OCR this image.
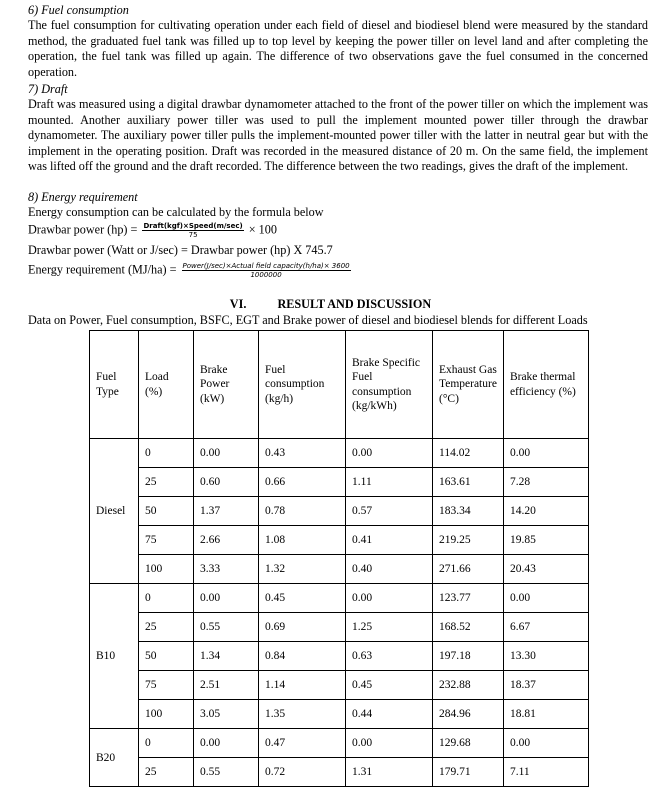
6) Fuel consumption
The fuel consumption for cultivating operation under each field of diesel and biodiesel blend were measured by the standard method, the graduated fuel tank was filled up to top level by keeping the power tiller on level land and after completing the operation, the fuel tank was filled up again. The difference of two observations gave the fuel consumed in the concerned operation.
7) Draft
Draft was measured using a digital drawbar dynamometer attached to the front of the power tiller on which the implement was mounted. Another auxiliary power tiller was used to pull the implement mounted power tiller through the drawbar dynamometer. The auxiliary power tiller pulls the implement-mounted power tiller with the latter in neutral gear but with the implement in the operating position. Draft was recorded in the measured distance of 20 m. On the same field, the implement was lifted off the ground and the draft recorded. The difference between the two readings, gives the draft of the implement.
8) Energy requirement
Energy consumption can be calculated by the formula below
Drawbar power $(hp) = \frac{\text{Draft(kgf)×Speed(m/sec)}}{75} \times 100$
Drawbar power (Watt or J/sec) = Drawbar power (hp) X 745.7
Energy requirement $(MJ/ha) = \frac{\text{Power(J/sec)×Actual field capacity(h/ha)× 3600}}{1000000}$
VI.	RESULT AND DISCUSSION
Data on Power, Fuel consumption, BSFC, EGT and Brake power of diesel and biodiesel blends for different Loads
Fuel Type	Load (%)	Brake Power (kW)	Fuel consumption (kg/h)	Brake Specific Fuel consumption (kg/kWh)	Exhaust Gas Temperature (°C)	Brake thermal efficiency (%)
Diesel	0	0.00	0.43	0.00	114.02	0.00
	25	0.60	0.66	1.11	163.61	7.28
	50	1.37	0.78	0.57	183.34	14.20
	75	2.66	1.08	0.41	219.25	19.85
	100	3.33	1.32	0.40	271.66	20.43
B10	0	0.00	0.45	0.00	123.77	0.00
	25	0.55	0.69	1.25	168.52	6.67
	50	1.34	0.84	0.63	197.18	13.30
	75	2.51	1.14	0.45	232.88	18.37
	100	3.05	1.35	0.44	284.96	18.81
B20	0	0.00	0.47	0.00	129.68	0.00
	25	0.55	0.72	1.31	179.71	7.11
